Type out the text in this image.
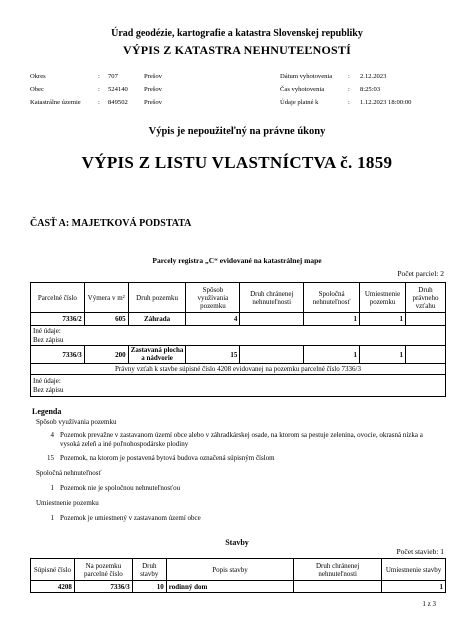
Úrad geodézie, kartografie a katastra Slovenskej republiky
VÝPIS Z KATASTRA NEHNUTEĽNOSTÍ
Okres	: 707	Prešov	Dátum vyhotovenia : 2.12.2023
Obec	: 524140 Prešov	Čas vyhotovenia	: 8:25:03
Katastrálne územie	: 849502 Prešov	Údaje platné k	: 1.12.2023 18:00:00
Výpis je nepoužiteľný na právne úkony
VÝPIS Z LISTU VLASTNÍCTVA č. 1859
ČASŤ A: MAJETKOVÁ PODSTATA
Parcely registra „C“ evidované na katastrálnej mape
Počet parciel: 2
Parcelné číslo	Výmera v m²	Druh pozemku	Spôsob využívania pozemku	Druh chránenej nehnuteľnosti	Spoločná nehnuteľnosť	Umiestnenie pozemku	Druh právneho vzťahu
7336/2	605	Záhrada	4		1	1	

Iné údaje:
Bez zápisu							

7336/3	200	Zastavaná plocha a nádvorie	15		1	1	
Právny vzťah k stavbe súpisné číslo 4208 evidovanej na pozemku parcelné číslo 7336/3							

Iné údaje:
Bez zápisu							
Legenda
Spôsob využívania pozemku
4 Pozemok prevažne v zastavanom území obce alebo v záhradkárskej osade, na ktorom sa pestuje zelenina, ovocie, okrasná nízka a vysoká zeleň a iné poľnohospodárske plodiny
15 Pozemok, na ktorom je postavená bytová budova označená súpisným číslom
Spoločná nehnuteľnosť
1 Pozemok nie je spoločnou nehnuteľnosťou
Umiestnenie pozemku
1 Pozemok je umiestnený v zastavanom území obce
Stavby
Počet stavieb: 1
Súpisné číslo	Na pozemku parcelné číslo	Druh stavby	Popis stavby	Druh chránenej nehnuteľnosti	Umiestnenie stavby
4208	7336/3	10	rodinný dom		1
1 z 3
